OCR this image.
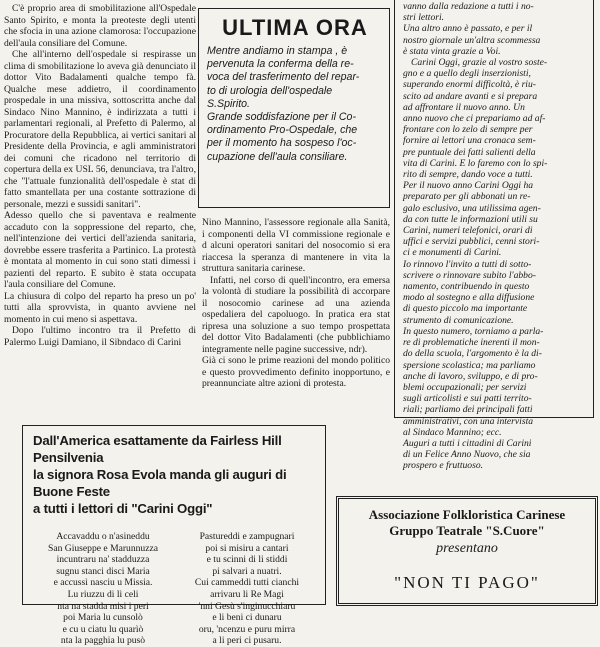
C'è proprio area di smobilitazione all'Ospedale Santo Spirito, e monta la preoteste degli utenti che sfocia in una azione clamorosa: l'occupazione dell'aula consiliare del Comune.

Che all'interno dell'ospedale si respirasse un clima di smobilitazione lo aveva già denunciato il dottor Vito Badalamenti qualche tempo fà. Qualche mese addietro, il coordinamento prospedale in una missiva, sottoscritta anche dal Sindaco Nino Mannino, è indirizzata a tutti i parlamentari regionali, al Prefetto di Palermo, al Procuratore della Repubblica, ai vertici sanitari al Presidente della Provincia, e agli amministratori dei comuni che ricadono nel territorio di copertura della ex USL 56, denunciava, tra l'altro, che "l'attuale funzionalità dell'ospedale è stat di fatto smantellata per una costante sottrazione di personale, mezzi e sussidi sanitari".

Adesso quello che si paventava e realmente accaduto con la soppressione del reparto, che, nell'intenzione dei vertici dell'azienda sanitaria, dovrebbe essere trasferita a Partinico. La protestà è montata al momento in cui sono stati dimessi i pazienti del reparto. E subito è stata occupata l'aula consiliare del Comune.

La chiusura di colpo del reparto ha preso un po' tutti alla sprovvista, in quanto avviene nel momento in cui meno si aspettava.

Dopo l'ultimo incontro tra il Prefetto di Palermo Luigi Damiano, il Sibndaco di Carini

ULTIMA ORA

Mentre andiamo in stampa , è

pervenuta la conferma della re-

voca del trasferimento del repar-

to di urologia dell'ospedale

S.Spirito.

Grande soddisfazione per il Co-

ordinamento Pro-Ospedale, che

per il momento ha sospeso l'oc-

cupazione dell'aula consiliare.

Nino Mannino, l'assessore regionale alla Sanità, i componenti della VI commissione regionale e d alcuni operatori sanitari del nosocomio si era riaccesa la speranza di mantenere in vita la struttura sanitaria carinese.

Infatti, nel corso di quell'incontro, era emersa la volontà di studiare la possibilità di accorpare il nosocomio carinese ad una azienda ospedaliera del capoluogo. In pratica era stat ripresa una soluzione a suo tempo prospettata del dottor Vito Badalamenti (che pubblichiamo integramente nelle pagine successive, ndr).

Già ci sono le prime reazioni del mondo politico e questo provvedimento definito inopportuno, e preannunciate altre azioni di protesta.

vanno dalla redazione a tutti i no-

stri lettori.

Una altro anno è passato, e per il

nostro giornale un'altra scommessa

è stata vinta grazie a Voi.

Carini Oggi, grazie al vostro soste-

gno e a quello degli inserzionisti,

superando enormi difficoltà, è riu-

scito ad andare avanti e si prepara

ad affrontare il nuovo anno. Un

anno nuovo che ci prepariamo ad af-

frontare con lo zelo di sempre per

fornire ai lettori una cronaca sem-

pre puntuale dei fatti salienti della

vita di Carini. E lo faremo con lo spi-

rito di sempre, dando voce a tutti.

Per il nuovo anno Carini Oggi ha

preparato per gli abbonati un re-

galo esclusivo, una utilissima agen-

da con tutte le informazioni utili su

Carini, numeri telefonici, orari di

uffici e servizi pubblici, cenni stori-

ci e monumenti di Carini.

Io rinnovo l'invito a tutti di sotto-

scrivere o rinnovare subito l'abbo-

namento, contribuendo in questo

modo al sostegno e alla diffusione

di questo piccolo ma importante

strumento di comunicazione.

In questo numero, torniamo a parla-

re di problematiche inerenti il mon-

do della scuola, l'argomento è la di-

spersione scolastica; ma parliamo

anche di lavoro, sviluppo, e di pro-

blemi occupazionali; per servizi

sugli articolisti e sui patti territo-

riali; parliamo dei principali fatti

amministrativi, con una intervista

al Sindaco Mannino; ecc.

Auguri a tutti i cittadini di Carini

di un Felice Anno Nuovo, che sia

prospero e fruttuoso.

Dall'America esattamente da Fairless Hill Pensilvenia
la signora Rosa Evola manda gli auguri di Buone Feste
a tutti i lettori di "Carini Oggi"
Accavaddu o n'asineddu
San Giuseppe e Marunnuzza
incuntraru na' stadduzza
sugnu stanci disci Maria
e accussì nasciu u Missia.
Lu riuzzu di lì celi
nta na stadda misi i peri
poi Maria lu cunsolò
e cu u ciatu lu quarìò
nta la pagghia lu pusò
Pastureddi e zampugnari
poi si misiru a cantari
e tu scinni di li stiddi
pi salvari a nuatri.
Cui cammeddi tutti cianchi
arrivaru li Re Magi
'nni Gesù s'inginucchiaru
e li beni ci dunaru
oru, 'ncenzu e puru mirra
a li peri ci pusaru.
Associazione Folkloristica Carinese
Gruppo Teatrale "S.Cuore"
presentano
"NON TI PAGO"
